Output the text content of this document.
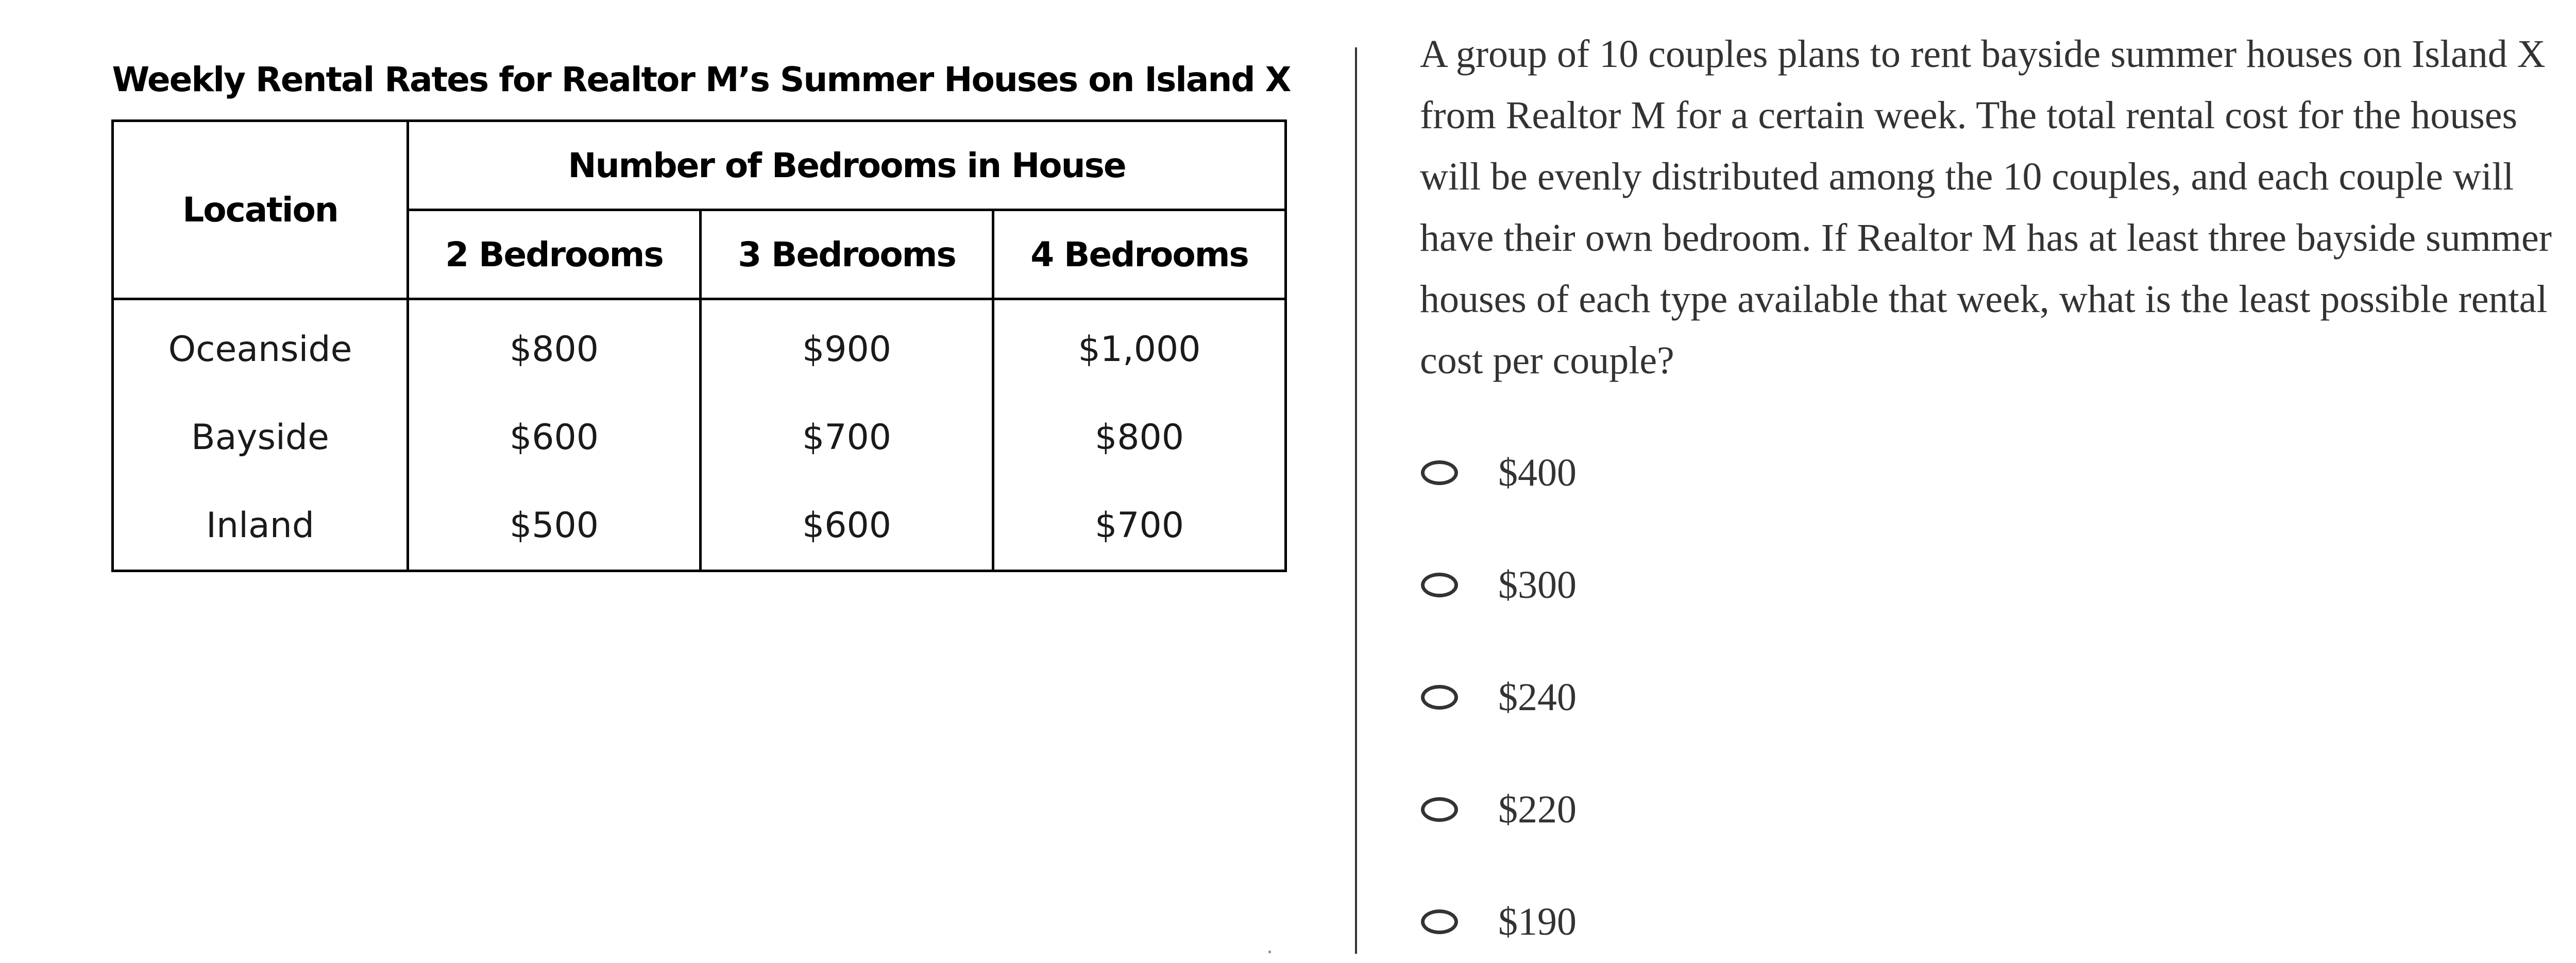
Weekly Rental Rates for Realtor M’s Summer Houses on Island X
Location	Number of Bedrooms in House		
	2 Bedrooms	3 Bedrooms	4 Bedrooms
Oceanside	$800	$900	$1,000
Bayside	$600	$700	$800
Inland	$500	$600	$700

A group of 10 couples plans to rent bayside summer houses on Island X from Realtor M for a certain week. The total rental cost for the houses will be evenly distributed among the 10 couples, and each couple will have their own bedroom. If Realtor M has at least three bayside summer houses of each type available that week, what is the least possible rental cost per couple?

$400
$300
$240
$220
$190
